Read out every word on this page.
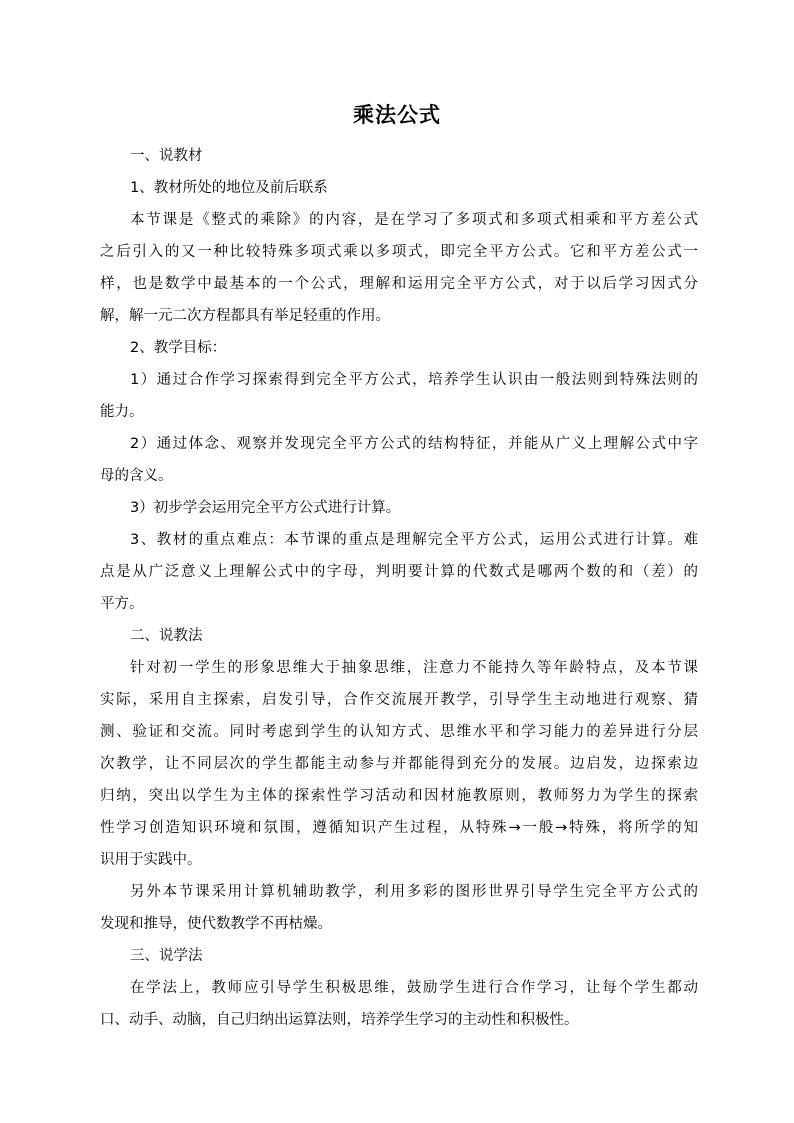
乘法公式
一、说教材
1、教材所处的地位及前后联系
本节课是《整式的乘除》的内容，是在学习了多项式和多项式相乘和平方差公式
之后引入的又一种比较特殊多项式乘以多项式，即完全平方公式。它和平方差公式一
样，也是数学中最基本的一个公式，理解和运用完全平方公式，对于以后学习因式分
解，解一元二次方程都具有举足轻重的作用。
2、教学目标：
1）通过合作学习探索得到完全平方公式，培养学生认识由一般法则到特殊法则的
能力。
2）通过体念、观察并发现完全平方公式的结构特征，并能从广义上理解公式中字
母的含义。
3）初步学会运用完全平方公式进行计算。
3、教材的重点难点：本节课的重点是理解完全平方公式，运用公式进行计算。难
点是从广泛意义上理解公式中的字母，判明要计算的代数式是哪两个数的和（差）的
平方。
二、说教法
针对初一学生的形象思维大于抽象思维，注意力不能持久等年龄特点，及本节课
实际，采用自主探索，启发引导，合作交流展开教学，引导学生主动地进行观察、猜
测、验证和交流。同时考虑到学生的认知方式、思维水平和学习能力的差异进行分层
次教学，让不同层次的学生都能主动参与并都能得到充分的发展。边启发，边探索边
归纳，突出以学生为主体的探索性学习活动和因材施教原则，教师努力为学生的探索
性学习创造知识环境和氛围，遵循知识产生过程，从特殊→一般→特殊，将所学的知
识用于实践中。
另外本节课采用计算机辅助教学，利用多彩的图形世界引导学生完全平方公式的
发现和推导，使代数教学不再枯燥。
三、说学法
在学法上，教师应引导学生积极思维，鼓励学生进行合作学习，让每个学生都动
口、动手、动脑，自己归纳出运算法则，培养学生学习的主动性和积极性。
